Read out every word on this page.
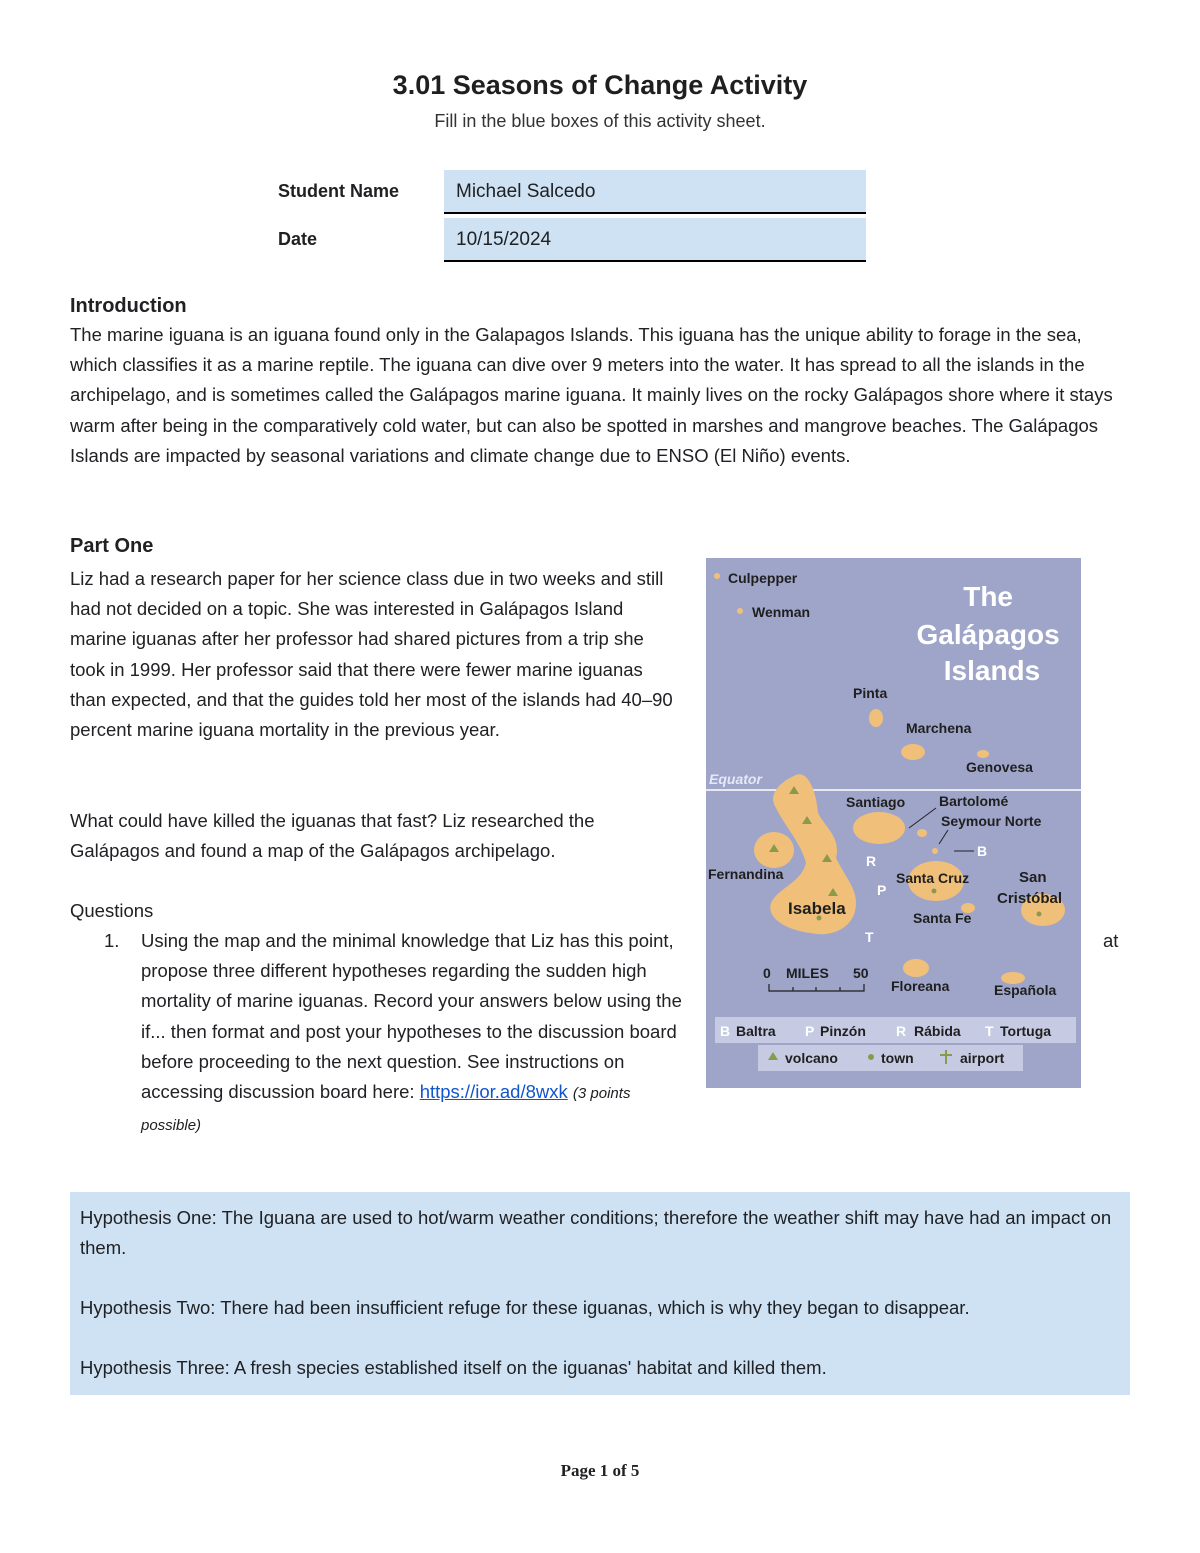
3.01 Seasons of Change Activity
Fill in the blue boxes of this activity sheet.
Student Name	Michael Salcedo
Date	10/15/2024
Introduction

The marine iguana is an iguana found only in the Galapagos Islands. This iguana has the unique ability to forage in the sea, which classifies it as a marine reptile. The iguana can dive over 9 meters into the water. It has spread to all the islands in the archipelago, and is sometimes called the Galápagos marine iguana. It mainly lives on the rocky Galápagos shore where it stays warm after being in the comparatively cold water, but can also be spotted in marshes and mangrove beaches. The Galápagos Islands are impacted by seasonal variations and climate change due to ENSO (El Niño) events.

Part One

Liz had a research paper for her science class due in two weeks and still had not decided on a topic. She was interested in Galápagos Island marine iguanas after her professor had shared pictures from a trip she took in 1999. Her professor said that there were fewer marine iguanas than expected, and that the guides told her most of the islands had 40–90 percent marine iguana mortality in the previous year.

What could have killed the iguanas that fast? Liz researched the Galápagos and found a map of the Galápagos archipelago.

Questions

1. Using the map and the minimal knowledge that Liz has this point, propose three different hypotheses regarding the sudden high mortality of marine iguanas. Record your answers below using the if... then format and post your hypotheses to the discussion board before proceeding to the next question. See instructions on accessing discussion board here: https://ior.ad/8wxk (3 points possible)

at
Equator
The Galápagos Islands
R
P
T
B
Culpepper
Wenman
Pinta
Marchena
Genovesa
Santiago Bartolomé
Seymour Norte
Fernandina
Isabela
Santa Cruz	San
Cristóbal
Santa Fe
Floreana	Española
0 MILES 50
B Baltra P Pinzón R Rábida T Tortuga
volcano	town	airport

Hypothesis One: The Iguana are used to hot/warm weather conditions; therefore the weather shift may have had an impact on them.

Hypothesis Two: There had been insufficient refuge for these iguanas, which is why they began to disappear.

Hypothesis Three: A fresh species established itself on the iguanas' habitat and killed them.

Page 1 of 5
